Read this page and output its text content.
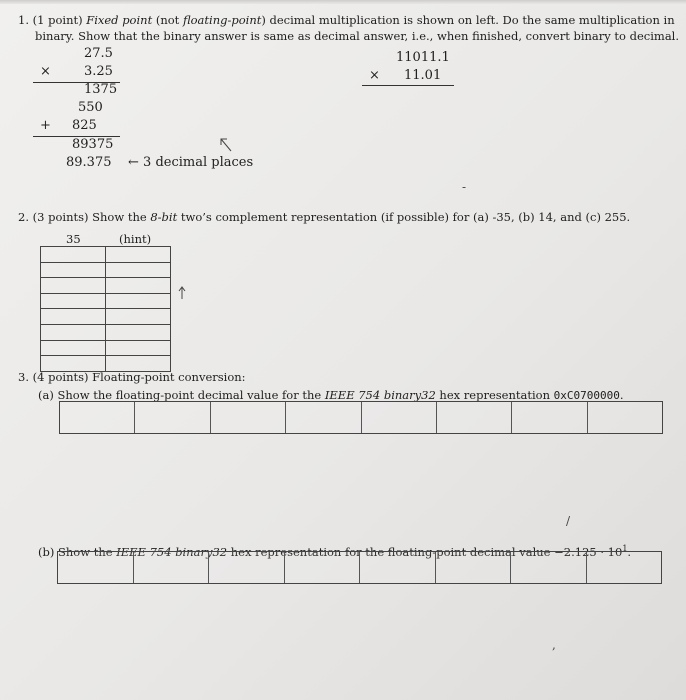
1. (1 point) Fixed point (not floating-point) decimal multiplication is shown on left. Do the same multiplication in
binary. Show that the binary answer is same as decimal answer, i.e., when finished, convert binary to decimal.
27.5
×	3.25
1375
550
+ 825
89375
89.375 ← 3 decimal places
11011.1
× 11.01
-
2. (3 points) Show the 8-bit two’s complement representation (if possible) for (a) -35, (b) 14, and (c) 255.
35	(hint)

3. (4 points) Floating-point conversion:
(a) Show the floating-point decimal value for the IEEE 754 binary32 hex representation 0xC0700000.
/
(b) Show the IEEE 754 binary32 hex representation for the floating-point decimal value $-2.125 \cdot 10^1$.
,
